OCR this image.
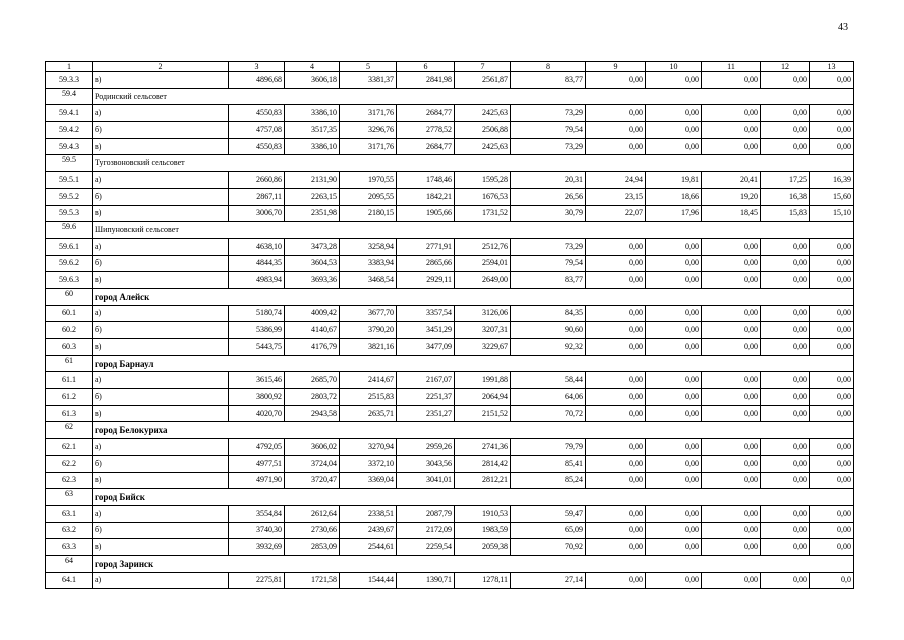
43
1	2	3	4	5	6	7	8	9	10	11	12	13
59.3.3	в)	4896,68	3606,18	3381,37	2841,98	2561,87	83,77	0,00	0,00	0,00	0,00	0,00
59.4	Родинский сельсовет											
59.4.1	а)	4550,83	3386,10	3171,76	2684,77	2425,63	73,29	0,00	0,00	0,00	0,00	0,00
59.4.2	б)	4757,08	3517,35	3296,76	2778,52	2506,88	79,54	0,00	0,00	0,00	0,00	0,00
59.4.3	в)	4550,83	3386,10	3171,76	2684,77	2425,63	73,29	0,00	0,00	0,00	0,00	0,00
59.5	Тугозвоновский сельсовет											
59.5.1	а)	2660,86	2131,90	1970,55	1748,46	1595,28	20,31	24,94	19,81	20,41	17,25	16,39
59.5.2	б)	2867,11	2263,15	2095,55	1842,21	1676,53	26,56	23,15	18,66	19,20	16,38	15,60
59.5.3	в)	3006,70	2351,98	2180,15	1905,66	1731,52	30,79	22,07	17,96	18,45	15,83	15,10
59.6	Шипуновский сельсовет											
59.6.1	а)	4638,10	3473,28	3258,94	2771,91	2512,76	73,29	0,00	0,00	0,00	0,00	0,00
59.6.2	б)	4844,35	3604,53	3383,94	2865,66	2594,01	79,54	0,00	0,00	0,00	0,00	0,00
59.6.3	в)	4983,94	3693,36	3468,54	2929,11	2649,00	83,77	0,00	0,00	0,00	0,00	0,00
60	город Алейск											
60.1	а)	5180,74	4009,42	3677,70	3357,54	3126,06	84,35	0,00	0,00	0,00	0,00	0,00
60.2	б)	5386,99	4140,67	3790,20	3451,29	3207,31	90,60	0,00	0,00	0,00	0,00	0,00
60.3	в)	5443,75	4176,79	3821,16	3477,09	3229,67	92,32	0,00	0,00	0,00	0,00	0,00
61	город Барнаул											
61.1	а)	3615,46	2685,70	2414,67	2167,07	1991,88	58,44	0,00	0,00	0,00	0,00	0,00
61.2	б)	3800,92	2803,72	2515,83	2251,37	2064,94	64,06	0,00	0,00	0,00	0,00	0,00
61.3	в)	4020,70	2943,58	2635,71	2351,27	2151,52	70,72	0,00	0,00	0,00	0,00	0,00
62	город Белокуриха											
62.1	а)	4792,05	3606,02	3270,94	2959,26	2741,36	79,79	0,00	0,00	0,00	0,00	0,00
62.2	б)	4977,51	3724,04	3372,10	3043,56	2814,42	85,41	0,00	0,00	0,00	0,00	0,00
62.3	в)	4971,90	3720,47	3369,04	3041,01	2812,21	85,24	0,00	0,00	0,00	0,00	0,00
63	город Бийск											
63.1	а)	3554,84	2612,64	2338,51	2087,79	1910,53	59,47	0,00	0,00	0,00	0,00	0,00
63.2	б)	3740,30	2730,66	2439,67	2172,09	1983,59	65,09	0,00	0,00	0,00	0,00	0,00
63.3	в)	3932,69	2853,09	2544,61	2259,54	2059,38	70,92	0,00	0,00	0,00	0,00	0,00
64	город Заринск											
64.1	а)	2275,81	1721,58	1544,44	1390,71	1278,11	27,14	0,00	0,00	0,00	0,00	0,0
